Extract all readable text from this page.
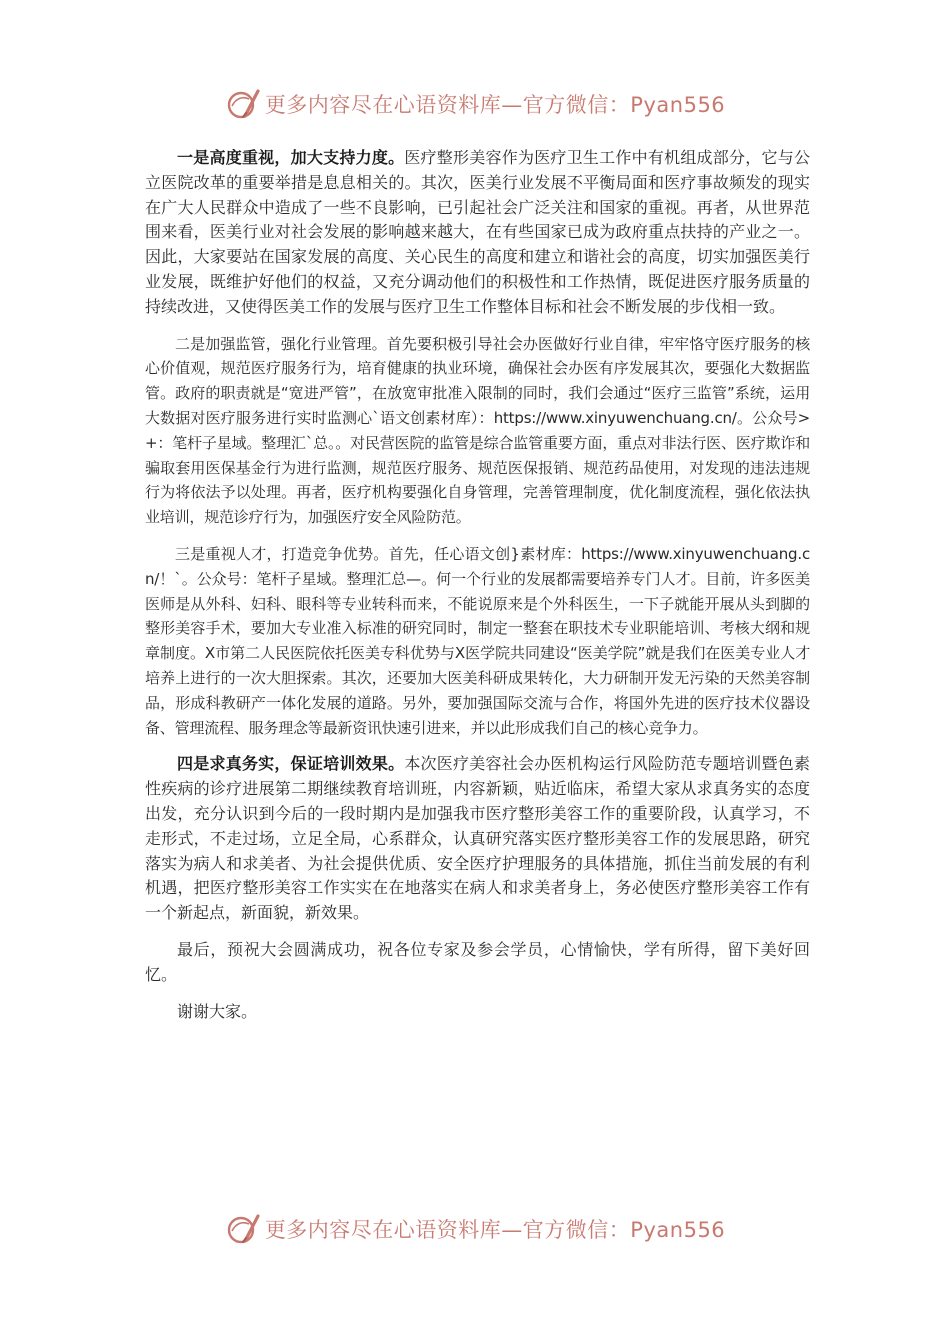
更多内容尽在心语资料库—官方微信：Pyan556

一是高度重视，加大支持力度。医疗整形美容作为医疗卫生工作中有机组成部分，它与公立医院改革的重要举措是息息相关的。其次，医美行业发展不平衡局面和医疗事故频发的现实在广大人民群众中造成了一些不良影响，已引起社会广泛关注和国家的重视。再者，从世界范围来看，医美行业对社会发展的影响越来越大，在有些国家已成为政府重点扶持的产业之一。因此，大家要站在国家发展的高度、关心民生的高度和建立和谐社会的高度，切实加强医美行业发展，既维护好他们的权益，又充分调动他们的积极性和工作热情，既促进医疗服务质量的持续改进，又使得医美工作的发展与医疗卫生工作整体目标和社会不断发展的步伐相一致。

二是加强监管，强化行业管理。首先要积极引导社会办医做好行业自律，牢牢恪守医疗服务的核心价值观，规范医疗服务行为，培育健康的执业环境，确保社会办医有序发展其次，要强化大数据监管。政府的职责就是“宽进严管”，在放宽审批准入限制的同时，我们会通过“医疗三监管”系统，运用大数据对医疗服务进行实时监测心`语文创素材库）：https://www.xinyuwenchuang.cn/。公众号>+：笔杆子星域。整理汇`总。。对民营医院的监管是综合监管重要方面，重点对非法行医、医疗欺诈和骗取套用医保基金行为进行监测，规范医疗服务、规范医保报销、规范药品使用，对发现的违法违规行为将依法予以处理。再者，医疗机构要强化自身管理，完善管理制度，优化制度流程，强化依法执业培训，规范诊疗行为，加强医疗安全风险防范。

三是重视人才，打造竞争优势。首先，任心语文创}素材库：https://www.xinyuwenchuang.cn/！`。公众号：笔杆子星域。整理汇总—。何一个行业的发展都需要培养专门人才。目前，许多医美医师是从外科、妇科、眼科等专业转科而来，不能说原来是个外科医生，一下子就能开展从头到脚的整形美容手术，要加大专业准入标准的研究同时，制定一整套在职技术专业职能培训、考核大纲和规章制度。X市第二人民医院依托医美专科优势与X医学院共同建设“医美学院”就是我们在医美专业人才培养上进行的一次大胆探索。其次，还要加大医美科研成果转化，大力研制开发无污染的天然美容制品，形成科教研产一体化发展的道路。另外，要加强国际交流与合作，将国外先进的医疗技术仪器设备、管理流程、服务理念等最新资讯快速引进来，并以此形成我们自己的核心竞争力。

四是求真务实，保证培训效果。本次医疗美容社会办医机构运行风险防范专题培训暨色素性疾病的诊疗进展第二期继续教育培训班，内容新颖，贴近临床，希望大家从求真务实的态度出发，充分认识到今后的一段时期内是加强我市医疗整形美容工作的重要阶段，认真学习，不走形式，不走过场，立足全局，心系群众，认真研究落实医疗整形美容工作的发展思路，研究落实为病人和求美者、为社会提供优质、安全医疗护理服务的具体措施，抓住当前发展的有利机遇，把医疗整形美容工作实实在在地落实在病人和求美者身上，务必使医疗整形美容工作有一个新起点，新面貌，新效果。

最后，预祝大会圆满成功，祝各位专家及参会学员，心情愉快，学有所得，留下美好回忆。

谢谢大家。

更多内容尽在心语资料库—官方微信：Pyan556
